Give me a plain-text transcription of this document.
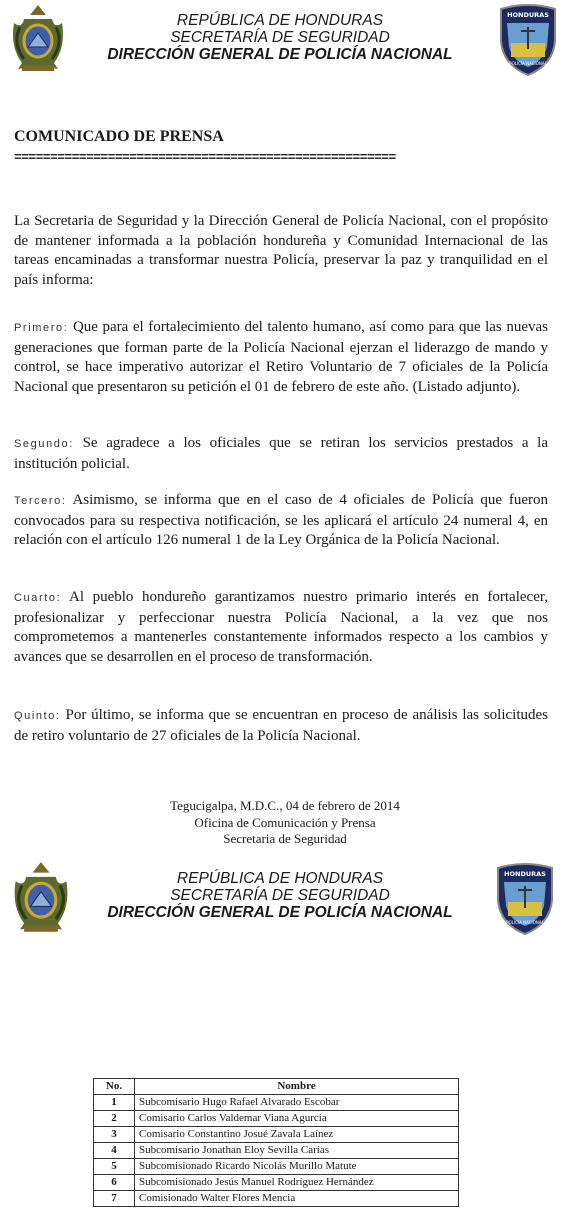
REPÚBLICA DE HONDURAS
SECRETARÍA DE SEGURIDAD
DIRECCIÓN GENERAL DE POLICÍA NACIONAL
HONDURAS
POLICÍA NACIONAL
COMUNICADO DE PRENSA
=====================================================

La Secretaria de Seguridad y la Dirección General de Policía Nacional, con el propósito de mantener informada a la población hondureña y Comunidad Internacional de las tareas encaminadas a transformar nuestra Policía, preservar la paz y tranquilidad en el país informa:

Primero: Que para el fortalecimiento del talento humano, así como para que las nuevas generaciones que forman parte de la Policía Nacional ejerzan el liderazgo de mando y control, se hace imperativo autorizar el Retiro Voluntario de 7 oficiales de la Policía Nacional que presentaron su petición el 01 de febrero de este año. (Listado adjunto).

Segundo: Se agradece a los oficiales que se retiran los servicios prestados a la institución policial.

Tercero: Asimismo, se informa que en el caso de 4 oficiales de Policía que fueron convocados para su respectiva notificación, se les aplicará el artículo 24 numeral 4, en relación con el artículo 126 numeral 1 de la Ley Orgánica de la Policía Nacional.

Cuarto: Al pueblo hondureño garantizamos nuestro primario interés en fortalecer, profesionalizar y perfeccionar nuestra Policía Nacional, a la vez que nos comprometemos a mantenerles constantemente informados respecto a los cambios y avances que se desarrollen en el proceso de transformación.

Quinto: Por último, se informa que se encuentran en proceso de análisis las solicitudes de retiro voluntario de 27 oficiales de la Policía Nacional.

Tegucigalpa, M.D.C., 04 de febrero de 2014
Oficina de Comunicación y Prensa
Secretaria de Seguridad
REPÚBLICA DE HONDURAS
SECRETARÍA DE SEGURIDAD
DIRECCIÓN GENERAL DE POLICÍA NACIONAL
HONDURAS
POLICÍA NACIONAL
No.	Nombre
1	Subcomisario Hugo Rafael Alvarado Escobar
2	Comisario Carlos Valdemar Viana Agurcia
3	Comisario Constantino Josué Zavala Laínez
4	Subcomisario Jonathan Eloy Sevilla Carías
5	Subcomisionado Ricardo Nicolás Murillo Matute
6	Subcomisionado Jesús Manuel Rodríguez Hernández
7	Comisionado Walter Flores Mencia
